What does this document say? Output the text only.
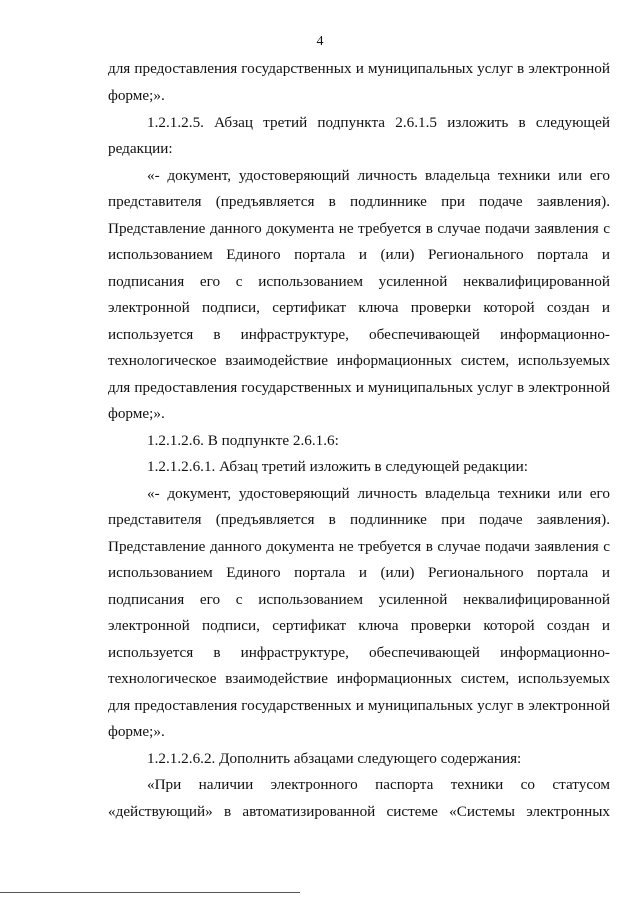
4
для предоставления государственных и муниципальных услуг в электронной
форме;».
1.2.1.2.5. Абзац третий подпункта 2.6.1.5 изложить в следующей
редакции:
«- документ, удостоверяющий личность владельца техники или его
представителя (предъявляется в подлиннике при подаче заявления).
Представление данного документа не требуется в случае подачи заявления с
использованием Единого портала и (или) Регионального портала и
подписания его с использованием усиленной неквалифицированной
электронной подписи, сертификат ключа проверки которой создан и
используется в инфраструктуре, обеспечивающей информационно-
технологическое взаимодействие информационных систем, используемых
для предоставления государственных и муниципальных услуг в электронной
форме;».
1.2.1.2.6. В подпункте 2.6.1.6:
1.2.1.2.6.1. Абзац третий изложить в следующей редакции:
«- документ, удостоверяющий личность владельца техники или его
представителя (предъявляется в подлиннике при подаче заявления).
Представление данного документа не требуется в случае подачи заявления с
использованием Единого портала и (или) Регионального портала и
подписания его с использованием усиленной неквалифицированной
электронной подписи, сертификат ключа проверки которой создан и
используется в инфраструктуре, обеспечивающей информационно-
технологическое взаимодействие информационных систем, используемых
для предоставления государственных и муниципальных услуг в электронной
форме;».
1.2.1.2.6.2. Дополнить абзацами следующего содержания:
«При наличии электронного паспорта техники со статусом
«действующий» в автоматизированной системе «Системы электронных
